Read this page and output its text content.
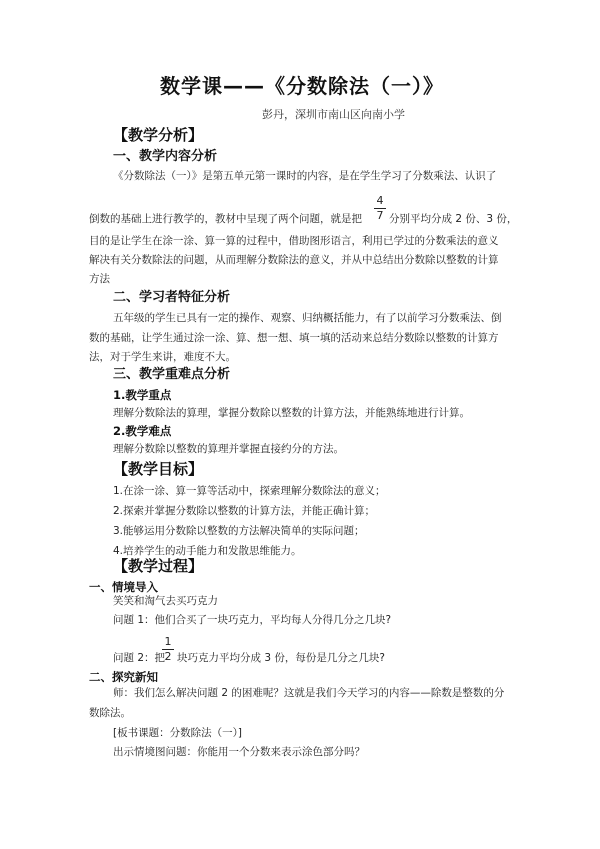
数学课——《分数除法（一）》
彭丹，深圳市南山区向南小学
【教学分析】
一、教学内容分析
《分数除法（一）》是第五单元第一课时的内容，是在学生学习了分数乘法、认识了
倒数的基础上进行教学的，教材中呈现了两个问题，就是把
4
7 分别平均分成 2 份、3 份，
目的是让学生在涂一涂、算一算的过程中，借助图形语言，利用已学过的分数乘法的意义
解决有关分数除法的问题，从而理解分数除法的意义，并从中总结出分数除以整数的计算
方法
二、学习者特征分析
五年级的学生已具有一定的操作、观察、归纳概括能力，有了以前学习分数乘法、倒
数的基础，让学生通过涂一涂、算、想一想、填一填的活动来总结分数除以整数的计算方
法，对于学生来讲，难度不大。
三、教学重难点分析
1.教学重点
理解分数除法的算理，掌握分数除以整数的计算方法，并能熟练地进行计算。
2.教学难点
理解分数除以整数的算理并掌握直接约分的方法。
【教学目标】
1.在涂一涂、算一算等活动中，探索理解分数除法的意义；
2.探索并掌握分数除以整数的计算方法，并能正确计算；
3.能够运用分数除以整数的方法解决简单的实际问题；
4.培养学生的动手能力和发散思维能力。
【教学过程】
一、情境导入
笑笑和淘气去买巧克力
问题 1：他们合买了一块巧克力，平均每人分得几分之几块?
问题 2：把
1
2 块巧克力平均分成 3 份，每份是几分之几块?
二、探究新知
师：我们怎么解决问题 2 的困难呢？这就是我们今天学习的内容——除数是整数的分
数除法。
[板书课题：分数除法（一）]
出示情境图问题：你能用一个分数来表示涂色部分吗？
